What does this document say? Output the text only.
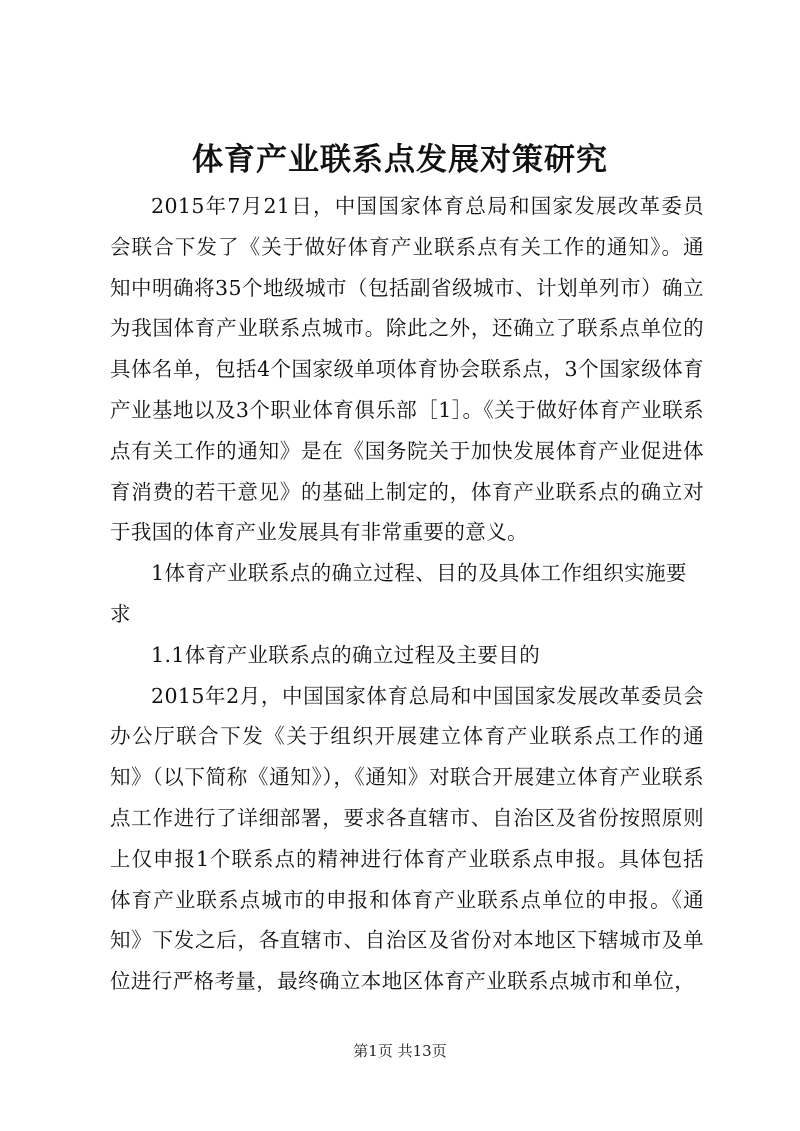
体育产业联系点发展对策研究

2015年7月21日，中国国家体育总局和国家发展改革委员会联合下发了《关于做好体育产业联系点有关工作的通知》。通知中明确将35个地级城市（包括副省级城市、计划单列市）确立为我国体育产业联系点城市。除此之外，还确立了联系点单位的具体名单，包括4个国家级单项体育协会联系点，3个国家级体育产业基地以及3个职业体育俱乐部［1］。《关于做好体育产业联系点有关工作的通知》是在《国务院关于加快发展体育产业促进体育消费的若干意见》的基础上制定的，体育产业联系点的确立对于我国的体育产业发展具有非常重要的意义。

1体育产业联系点的确立过程、目的及具体工作组织实施要求

1.1体育产业联系点的确立过程及主要目的

2015年2月，中国国家体育总局和中国国家发展改革委员会办公厅联合下发《关于组织开展建立体育产业联系点工作的通知》（以下简称《通知》），《通知》对联合开展建立体育产业联系点工作进行了详细部署，要求各直辖市、自治区及省份按照原则上仅申报1个联系点的精神进行体育产业联系点申报。具体包括体育产业联系点城市的申报和体育产业联系点单位的申报。《通知》下发之后，各直辖市、自治区及省份对本地区下辖城市及单位进行严格考量，最终确立本地区体育产业联系点城市和单位，

第1页 共13页
